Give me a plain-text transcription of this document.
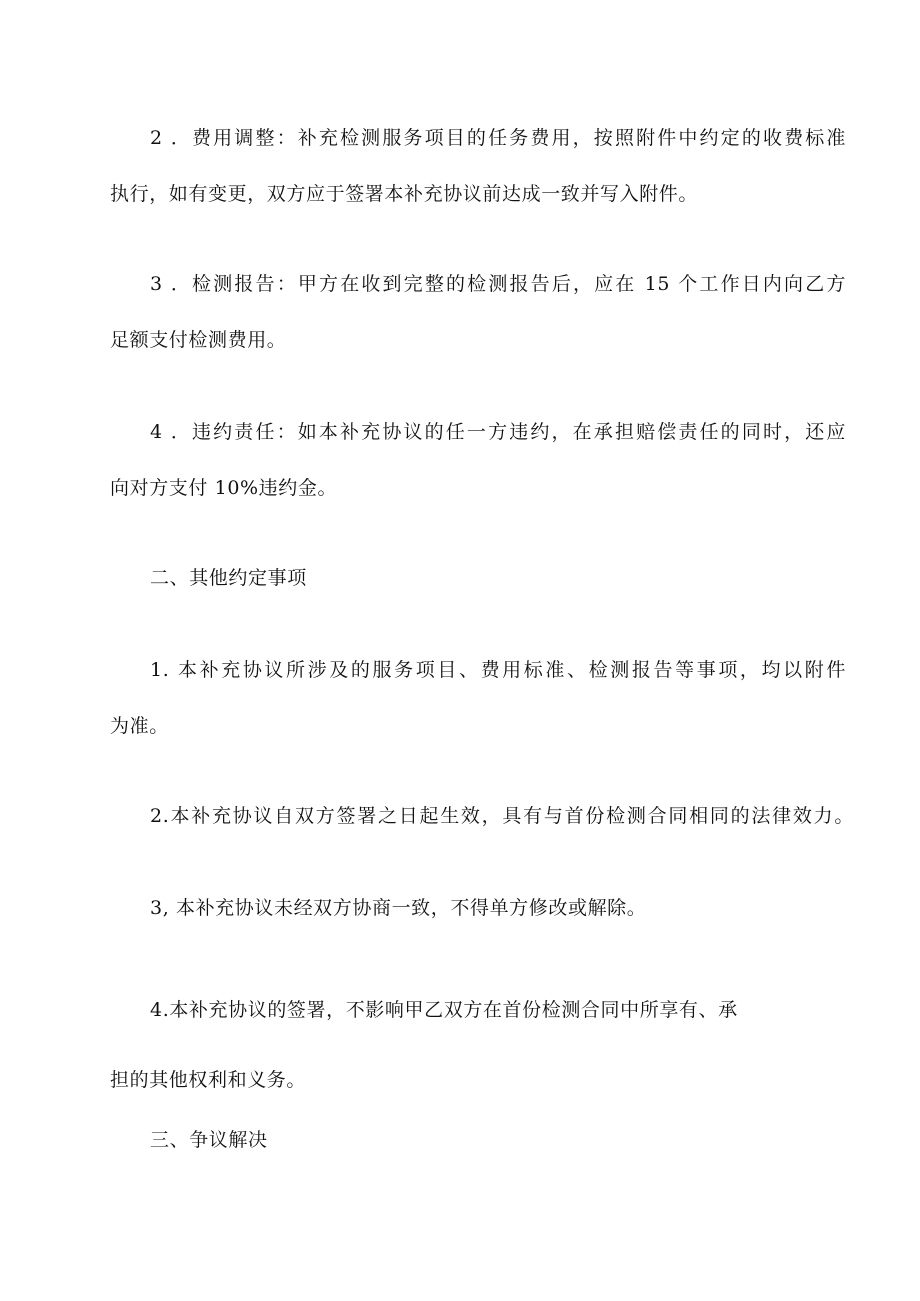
2 ．费用调整：补充检测服务项目的任务费用，按照附件中约定的收费标准
执行，如有变更，双方应于签署本补充协议前达成一致并写入附件。
3 ．检测报告：甲方在收到完整的检测报告后，应在 15 个工作日内向乙方
足额支付检测费用。
4 ．违约责任：如本补充协议的任一方违约，在承担赔偿责任的同时，还应
向对方支付 10%违约金。
二、其他约定事项
1. 本补充协议所涉及的服务项目、费用标准、检测报告等事项，均以附件
为准。
2.本补充协议自双方签署之日起生效，具有与首份检测合同相同的法律效力。
3, 本补充协议未经双方协商一致，不得单方修改或解除。
4.本补充协议的签署，不影响甲乙双方在首份检测合同中所享有、承
担的其他权利和义务。
三、争议解决
